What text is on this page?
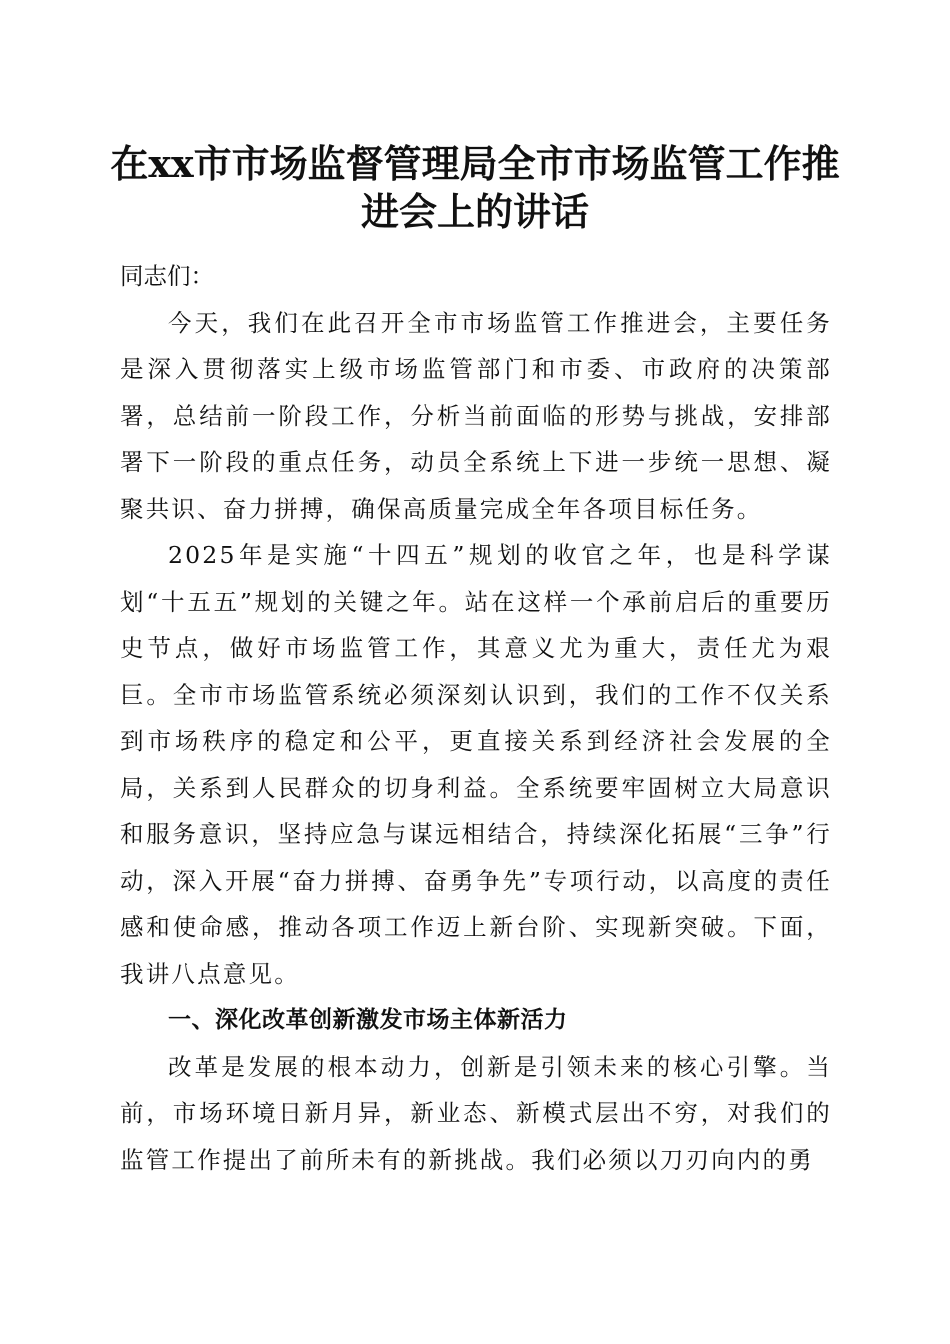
在xx市市场监督管理局全市市场监管工作推
进会上的讲话

同志们：

今天，我们在此召开全市市场监管工作推进会，主要任务是深入贯彻落实上级市场监管部门和市委、市政府的决策部署，总结前一阶段工作，分析当前面临的形势与挑战，安排部署下一阶段的重点任务，动员全系统上下进一步统一思想、凝聚共识、奋力拼搏，确保高质量完成全年各项目标任务。

2025年是实施“十四五”规划的收官之年，也是科学谋划“十五五”规划的关键之年。站在这样一个承前启后的重要历史节点，做好市场监管工作，其意义尤为重大，责任尤为艰巨。全市市场监管系统必须深刻认识到，我们的工作不仅关系到市场秩序的稳定和公平，更直接关系到经济社会发展的全局，关系到人民群众的切身利益。全系统要牢固树立大局意识和服务意识，坚持应急与谋远相结合，持续深化拓展“三争”行动，深入开展“奋力拼搏、奋勇争先”专项行动，以高度的责任感和使命感，推动各项工作迈上新台阶、实现新突破。下面，我讲八点意见。

一、深化改革创新激发市场主体新活力

改革是发展的根本动力，创新是引领未来的核心引擎。当前，市场环境日新月异，新业态、新模式层出不穷，对我们的监管工作提出了前所未有的新挑战。我们必须以刀刃向内的勇
